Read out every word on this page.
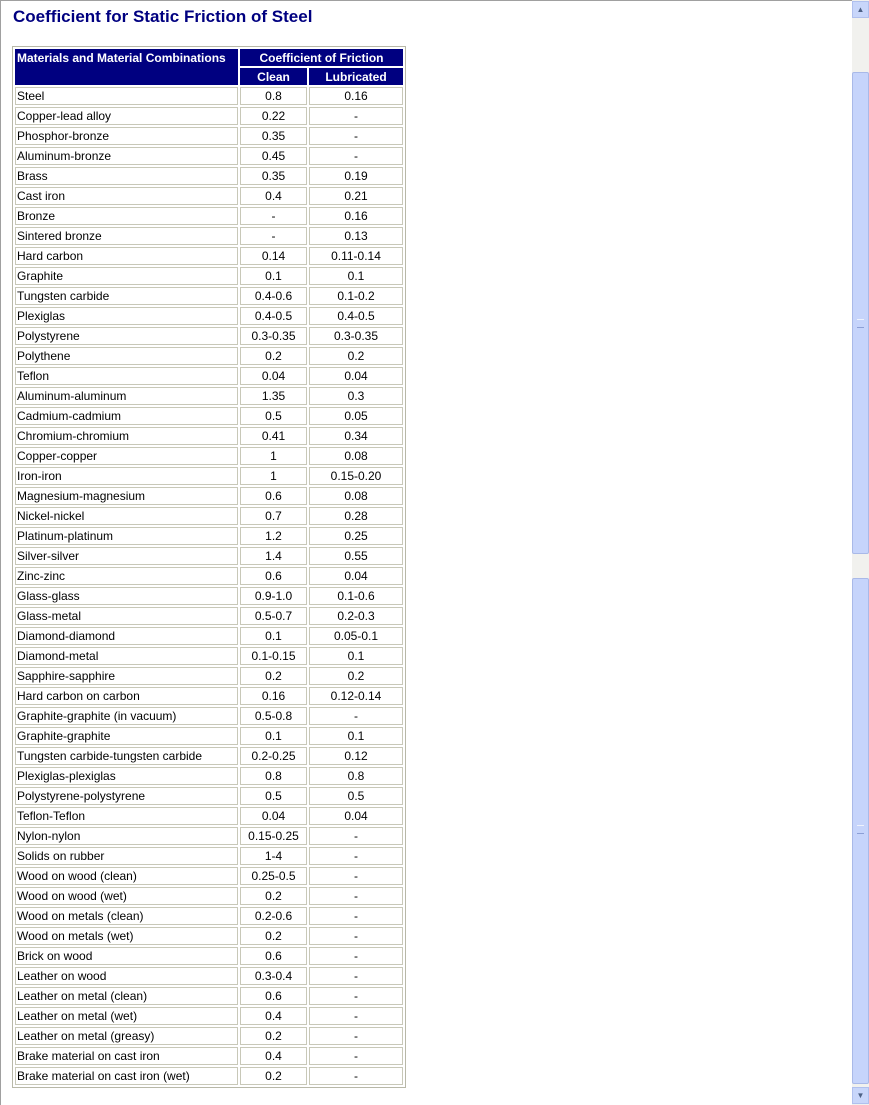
Coefficient for Static Friction of Steel
Materials and Material Combinations	Coefficient of Friction	
	Clean	Lubricated
Steel	0.8	0.16
Copper-lead alloy	0.22	-
Phosphor-bronze	0.35	-
Aluminum-bronze	0.45	-
Brass	0.35	0.19
Cast iron	0.4	0.21
Bronze	-	0.16
Sintered bronze	-	0.13
Hard carbon	0.14	0.11-0.14
Graphite	0.1	0.1
Tungsten carbide	0.4-0.6	0.1-0.2
Plexiglas	0.4-0.5	0.4-0.5
Polystyrene	0.3-0.35	0.3-0.35
Polythene	0.2	0.2
Teflon	0.04	0.04
Aluminum-aluminum	1.35	0.3
Cadmium-cadmium	0.5	0.05
Chromium-chromium	0.41	0.34
Copper-copper	1	0.08
Iron-iron	1	0.15-0.20
Magnesium-magnesium	0.6	0.08
Nickel-nickel	0.7	0.28
Platinum-platinum	1.2	0.25
Silver-silver	1.4	0.55
Zinc-zinc	0.6	0.04
Glass-glass	0.9-1.0	0.1-0.6
Glass-metal	0.5-0.7	0.2-0.3
Diamond-diamond	0.1	0.05-0.1
Diamond-metal	0.1-0.15	0.1
Sapphire-sapphire	0.2	0.2
Hard carbon on carbon	0.16	0.12-0.14
Graphite-graphite (in vacuum)	0.5-0.8	-
Graphite-graphite	0.1	0.1
Tungsten carbide-tungsten carbide	0.2-0.25	0.12
Plexiglas-plexiglas	0.8	0.8
Polystyrene-polystyrene	0.5	0.5
Teflon-Teflon	0.04	0.04
Nylon-nylon	0.15-0.25	-
Solids on rubber	1-4	-
Wood on wood (clean)	0.25-0.5	-
Wood on wood (wet)	0.2	-
Wood on metals (clean)	0.2-0.6	-
Wood on metals (wet)	0.2	-
Brick on wood	0.6	-
Leather on wood	0.3-0.4	-
Leather on metal (clean)	0.6	-
Leather on metal (wet)	0.4	-
Leather on metal (greasy)	0.2	-
Brake material on cast iron	0.4	-
Brake material on cast iron (wet)	0.2	-
▲
▼
